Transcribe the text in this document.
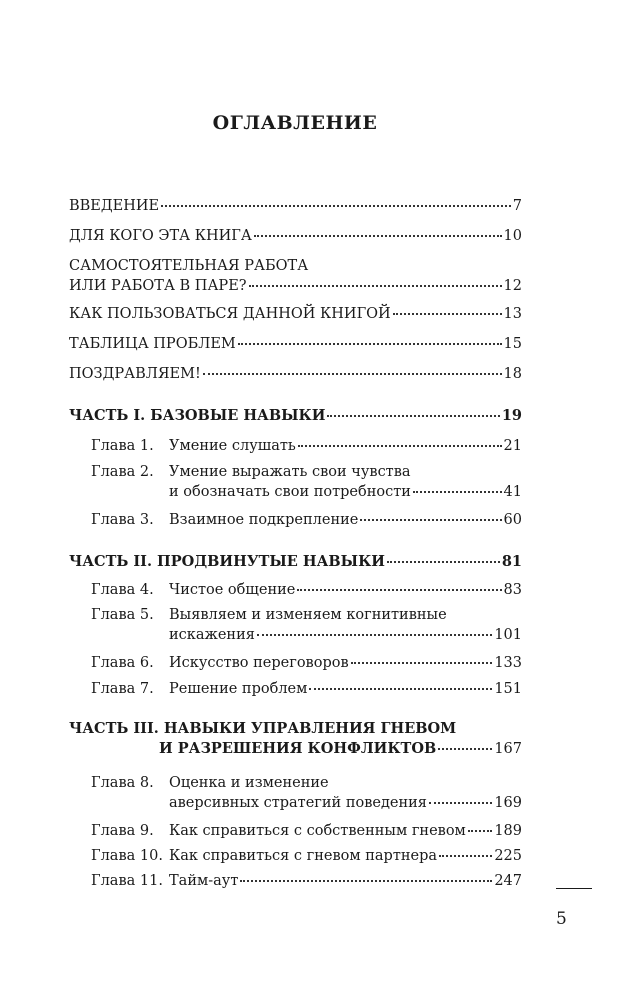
ОГЛАВЛЕНИЕ
ВВЕДЕНИЕ	7
ДЛЯ КОГО ЭТА КНИГА	10
САМОСТОЯТЕЛЬНАЯ РАБОТА
ИЛИ РАБОТА В ПАРЕ?	12
КАК ПОЛЬЗОВАТЬСЯ ДАННОЙ КНИГОЙ	13
ТАБЛИЦА ПРОБЛЕМ	15
ПОЗДРАВЛЯЕМ!	18
ЧАСТЬ I. БАЗОВЫЕ НАВЫКИ	19
Глава 1.	Умение слушать	21
Глава 2.	Умение выражать свои чувства
и обозначать свои потребности	41
Глава 3.	Взаимное подкрепление	60
ЧАСТЬ II. ПРОДВИНУТЫЕ НАВЫКИ	81
Глава 4.	Чистое общение	83
Глава 5.	Выявляем и изменяем когнитивные
искажения	101
Глава 6.	Искусство переговоров	133
Глава 7.	Решение проблем	151
ЧАСТЬ III. НАВЫКИ УПРАВЛЕНИЯ ГНЕВОМ
И РАЗРЕШЕНИЯ КОНФЛИКТОВ	167
Глава 8.	Оценка и изменение
аверсивных стратегий поведения	169
Глава 9.	Как справиться с собственным гневом 189
Глава 10. Как справиться с гневом партнера	225
Глава 11. Тайм-аут	247
5
